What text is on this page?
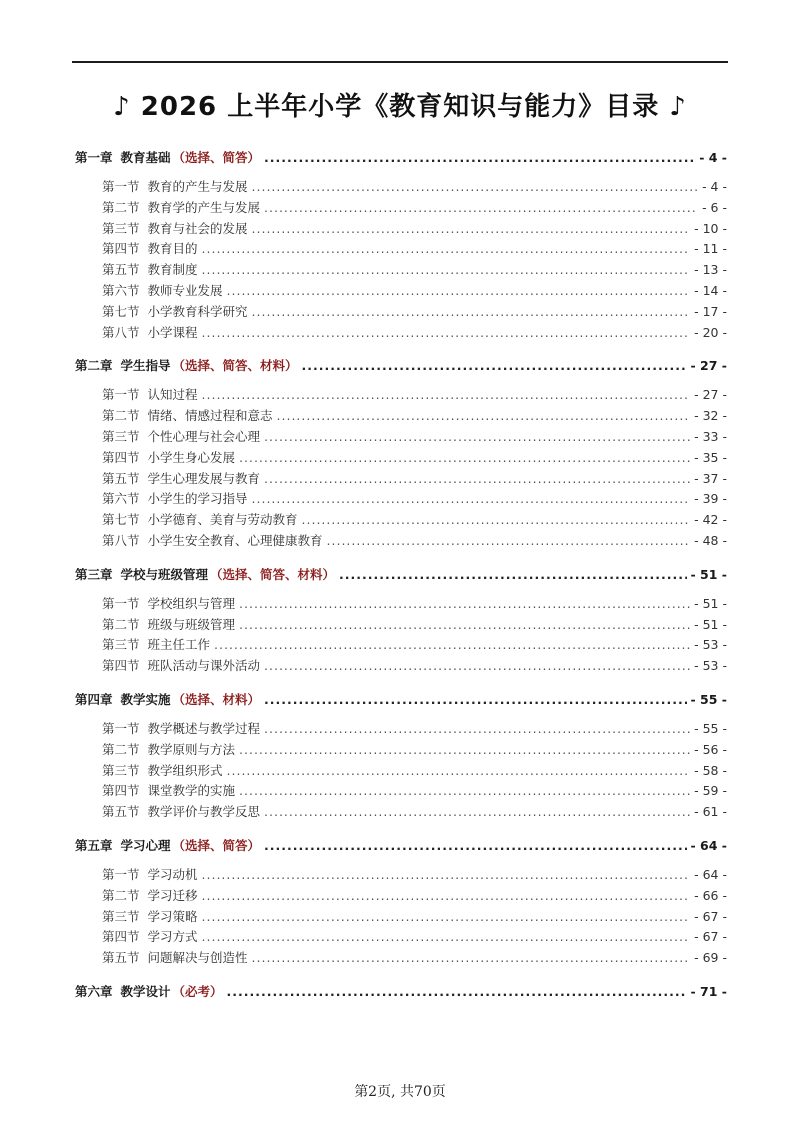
♪ 2026 上半年小学《教育知识与能力》目录 ♪
第一章 教育基础 （选择、简答） .....	- 4 -
第一节 教育的产生与发展 .....	- 4 -
第二节 教育学的产生与发展 .....	- 6 -
第三节 教育与社会的发展 .....	- 10 -
第四节 教育目的 .....	- 11 -
第五节 教育制度 .....	- 13 -
第六节 教师专业发展 .....	- 14 -
第七节 小学教育科学研究 .....	- 17 -
第八节 小学课程 .....	- 20 -
第二章 学生指导 （选择、简答、材料） .....	- 27 -
第一节 认知过程 .....	- 27 -
第二节 情绪、情感过程和意志 .....	- 32 -
第三节 个性心理与社会心理 .....	- 33 -
第四节 小学生身心发展 .....	- 35 -
第五节 学生心理发展与教育 .....	- 37 -
第六节 小学生的学习指导 .....	- 39 -
第七节 小学德育、美育与劳动教育 .....	- 42 -
第八节 小学生安全教育、心理健康教育 .....	- 48 -
第三章 学校与班级管理 （选择、简答、材料） .....	- 51 -
第一节 学校组织与管理 .....	- 51 -
第二节 班级与班级管理 .....	- 51 -
第三节 班主任工作 .....	- 53 -
第四节 班队活动与课外活动 .....	- 53 -
第四章 教学实施 （选择、材料） .....	- 55 -
第一节 教学概述与教学过程 .....	- 55 -
第二节 教学原则与方法 .....	- 56 -
第三节 教学组织形式 .....	- 58 -
第四节 课堂教学的实施 .....	- 59 -
第五节 教学评价与教学反思 .....	- 61 -
第五章 学习心理 （选择、简答） .....	- 64 -
第一节 学习动机 .....	- 64 -
第二节 学习迁移 .....	- 66 -
第三节 学习策略 .....	- 67 -
第四节 学习方式 .....	- 67 -
第五节 问题解决与创造性 .....	- 69 -
第六章 教学设计 （必考） .....	- 71 -
第2页, 共70页
